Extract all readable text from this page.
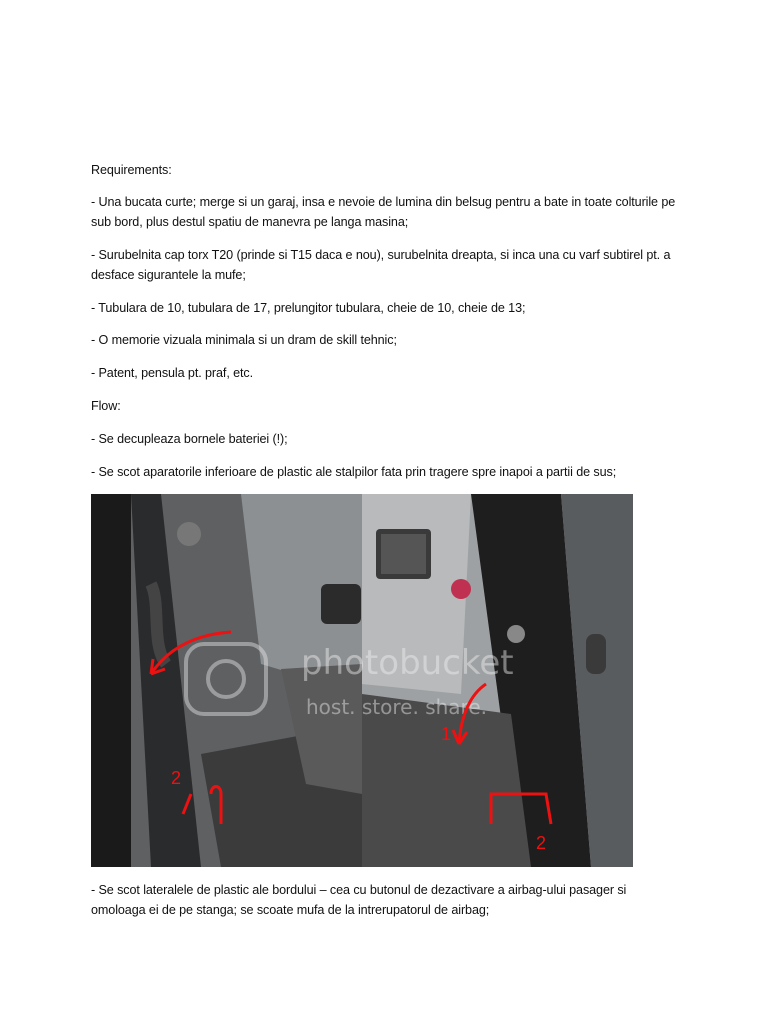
Requirements:

- Una bucata curte; merge si un garaj, insa e nevoie de lumina din belsug pentru a bate in toate colturile pe sub bord, plus destul spatiu de manevra pe langa masina;

- Surubelnita cap torx T20 (prinde si T15 daca e nou), surubelnita dreapta, si inca una cu varf subtirel pt. a desface sigurantele la mufe;

- Tubulara de 10, tubulara de 17, prelungitor tubulara, cheie de 10, cheie de 13;

- O memorie vizuala minimala si un dram de skill tehnic;

- Patent, pensula pt. praf, etc.

Flow:

- Se decupleaza bornele bateriei (!);

- Se scot aparatorile inferioare de plastic ale stalpilor fata prin tragere spre inapoi a partii de sus;

photobucket
host. store. share.
2
1
2

- Se scot lateralele de plastic ale bordului – cea cu butonul de dezactivare a airbag-ului pasager si omoloaga ei de pe stanga; se scoate mufa de la intrerupatorul de airbag;
